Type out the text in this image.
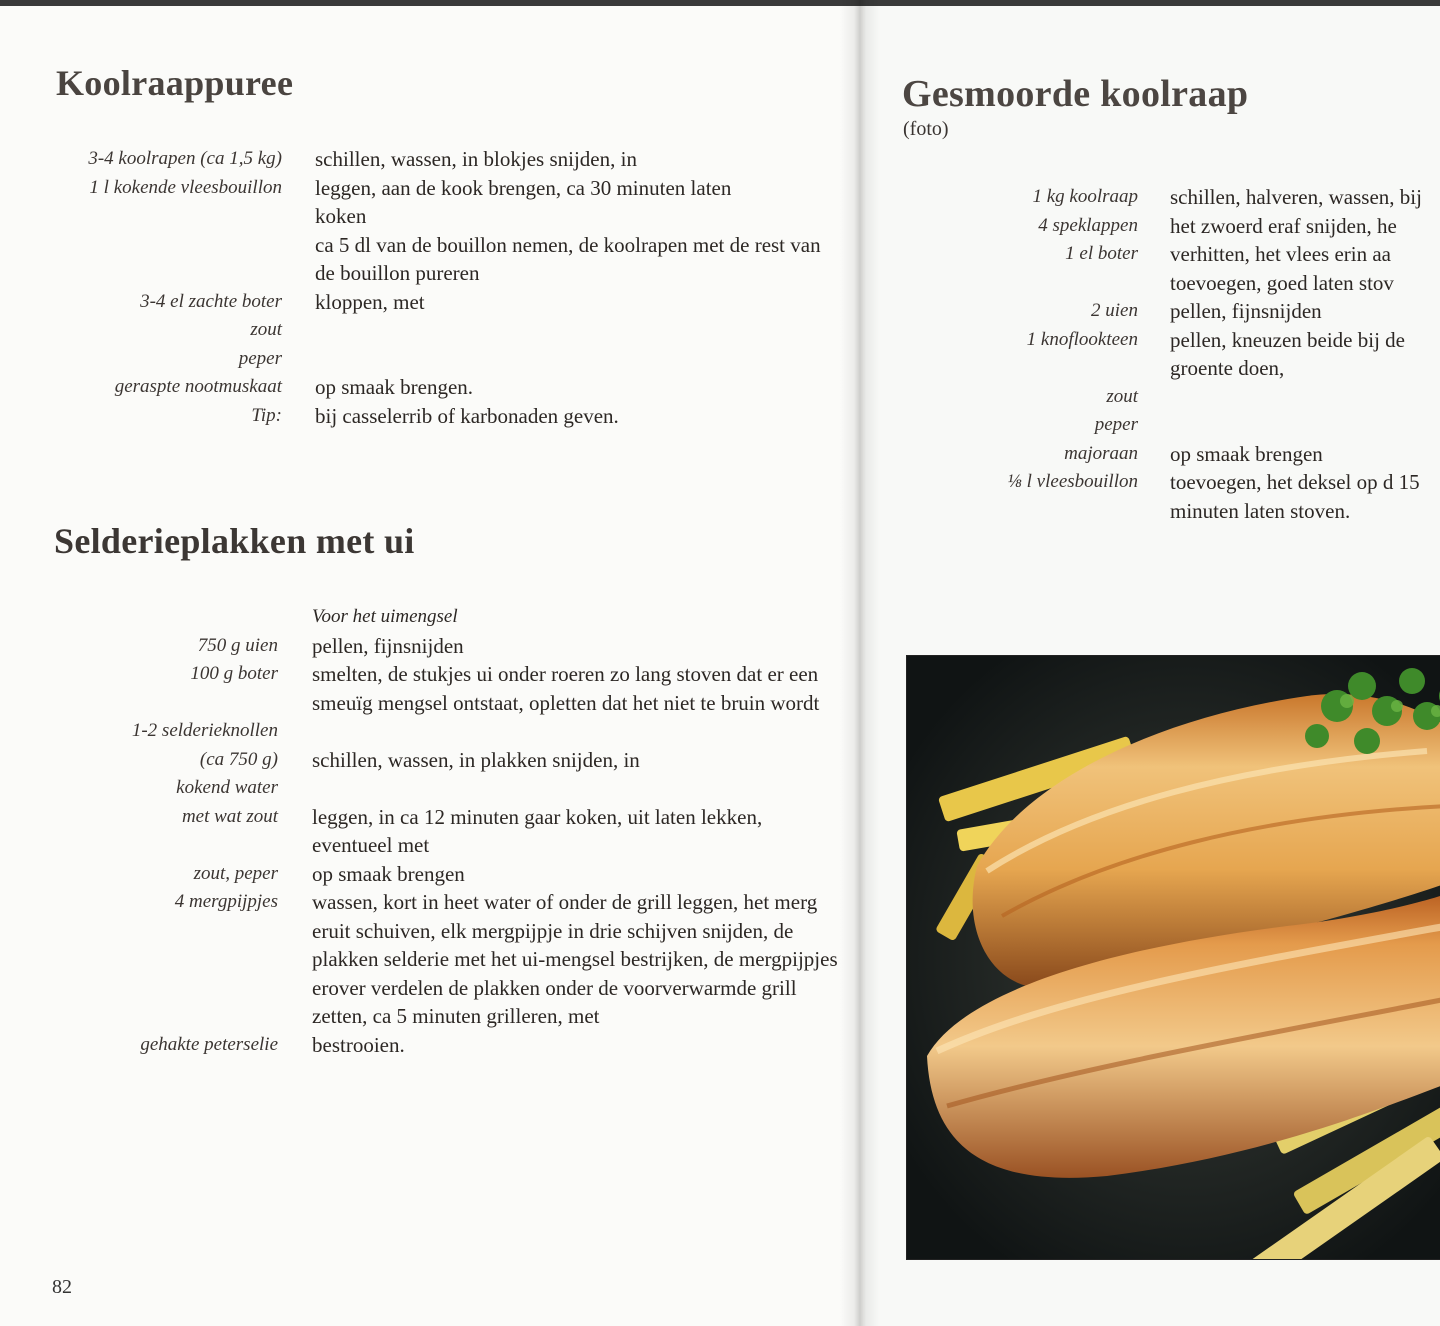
Koolraappuree
3-4 koolrapen (ca 1,5 kg) schillen, wassen, in blokjes snijden, in
1 l kokende vleesbouillon leggen, aan de kook brengen, ca 30 minuten laten koken
ca 5 dl van de bouillon nemen, de koolrapen met de rest van de bouillon pureren
3-4 el zachte boter kloppen, met
zout
peper
geraspte nootmuskaat op smaak brengen.
Tip: bij casselerrib of karbonaden geven.
Selderieplakken met ui
Voor het uimengsel
750 g uien pellen, fijnsnijden
100 g boter smelten, de stukjes ui onder roeren zo lang stoven dat er een smeuïg mengsel ontstaat, opletten dat het niet te bruin wordt
1-2 selderieknollen
(ca 750 g) schillen, wassen, in plakken snijden, in
kokend water
met wat zout leggen, in ca 12 minuten gaar koken, uit laten lekken, eventueel met
zout, peper op smaak brengen
4 mergpijpjes wassen, kort in heet water of onder de grill leggen, het merg eruit schuiven, elk mergpijpje in drie schijven snijden, de plakken selderie met het ui-mengsel bestrijken, de mergpijpjes erover verdelen de plakken onder de voorverwarmde grill zetten, ca 5 minuten grilleren, met
gehakte peterselie bestrooien.
82
Gesmoorde koolraap
(foto)
1 kg koolraap schillen, halveren, wassen, bij
4 speklappen het zwoerd eraf snijden, he
1 el boter verhitten, het vlees erin aa toevoegen, goed laten stov
2 uien pellen, fijnsnijden
1 knoflookteen pellen, kneuzen beide bij de groente doen,
zout
peper
majoraan op smaak brengen
⅛ l vleesbouillon toevoegen, het deksel op d 15 minuten laten stoven.
